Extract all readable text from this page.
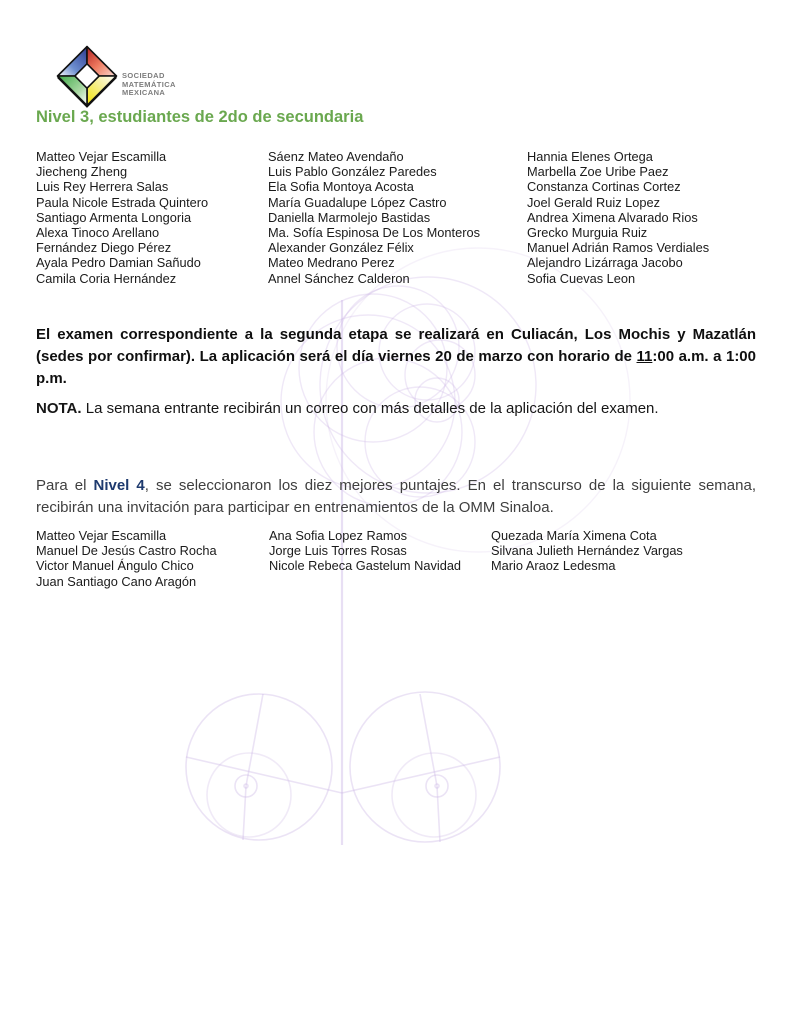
SOCIEDAD
MATEMÁTICA
MEXICANA
Nivel 3, estudiantes de 2do de secundaria
Matteo Vejar Escamilla
Jiecheng Zheng
Luis Rey Herrera Salas
Paula Nicole Estrada Quintero
Santiago Armenta Longoria
Alexa Tinoco Arellano
Fernández Diego Pérez
Ayala Pedro Damian Sañudo
Camila Coria Hernández
Sáenz Mateo Avendaño
Luis Pablo González Paredes
Ela Sofia Montoya Acosta
María Guadalupe López Castro
Daniella Marmolejo Bastidas
Ma. Sofía Espinosa De Los Monteros
Alexander González Félix
Mateo Medrano Perez
Annel Sánchez Calderon
Hannia Elenes Ortega
Marbella Zoe Uribe Paez
Constanza Cortinas Cortez
Joel Gerald Ruiz Lopez
Andrea Ximena Alvarado Rios
Grecko Murguia Ruiz
Manuel Adrián Ramos Verdiales
Alejandro Lizárraga Jacobo
Sofia Cuevas Leon
El examen correspondiente a la segunda etapa se realizará en Culiacán, Los Mochis y Mazatlán (sedes por confirmar). La aplicación será el día viernes 20 de marzo con horario de 11:00 a.m. a 1:00 p.m.
NOTA. La semana entrante recibirán un correo con más detalles de la aplicación del examen.
Para el Nivel 4, se seleccionaron los diez mejores puntajes. En el transcurso de la siguiente semana, recibirán una invitación para participar en entrenamientos de la OMM Sinaloa.
Matteo Vejar Escamilla
Manuel De Jesús Castro Rocha
Victor Manuel Ángulo Chico
Juan Santiago Cano Aragón
Ana Sofia Lopez Ramos
Jorge Luis Torres Rosas
Nicole Rebeca Gastelum Navidad
Quezada María Ximena Cota
Silvana Julieth Hernández Vargas
Mario Araoz Ledesma
